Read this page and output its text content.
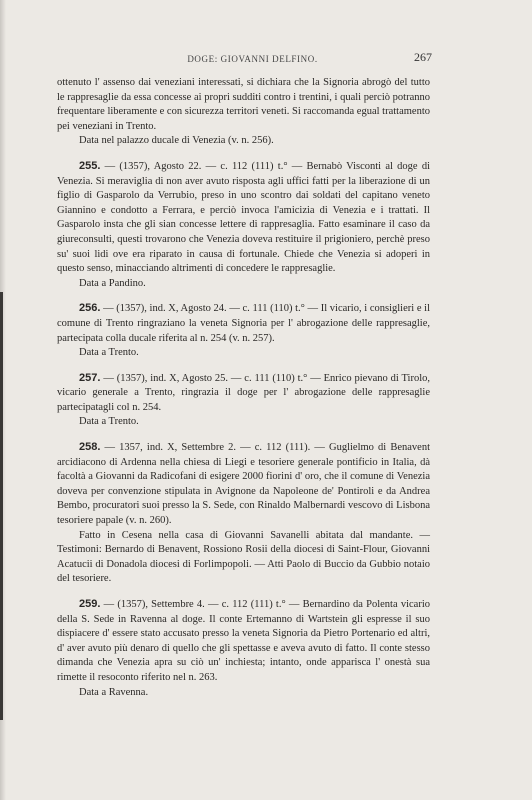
DOGE: GIOVANNI DELFINO.	267

ottenuto l' assenso dai veneziani interessati, si dichiara che la Signoria abrogò del tutto le rappresaglie da essa concesse ai propri sudditi contro i trentini, i quali perciò potranno frequentare liberamente e con sicurezza territori veneti. Si raccomanda egual trattamento pei veneziani in Trento.

Data nel palazzo ducale di Venezia (v. n. 256).

255. — (1357), Agosto 22. — c. 112 (111) t.° — Bernabò Visconti al doge di Venezia. Si meraviglia di non aver avuto risposta agli uffici fatti per la liberazione di un figlio di Gasparolo da Verrubio, preso in uno scontro dai soldati del capitano veneto Giannino e condotto a Ferrara, e perciò invoca l'amicizia di Venezia e i trattati. Il Gasparolo insta che gli sian concesse lettere di rappresaglia. Fatto esaminare il caso da giureconsulti, questi trovarono che Venezia doveva restituire il prigioniero, perchè preso su' suoi lidi ove era riparato in causa di fortunale. Chiede che Venezia si adoperi in questo senso, minacciando altrimenti di concedere le rappresaglie.

Data a Pandino.

256. — (1357), ind. X, Agosto 24. — c. 111 (110) t.° — Il vicario, i consiglieri e il comune di Trento ringraziano la veneta Signoria per l' abrogazione delle rappresaglie, partecipata colla ducale riferita al n. 254 (v. n. 257).

Data a Trento.

257. — (1357), ind. X, Agosto 25. — c. 111 (110) t.° — Enrico pievano di Tirolo, vicario generale a Trento, ringrazia il doge per l' abrogazione delle rappresaglie partecipatagli col n. 254.

Data a Trento.

258. — 1357, ind. X, Settembre 2. — c. 112 (111). — Guglielmo di Benavent arcidiacono di Ardenna nella chiesa di Liegi e tesoriere generale pontificio in Italia, dà facoltà a Giovanni da Radicofani di esigere 2000 fiorini d' oro, che il comune di Venezia doveva per convenzione stipulata in Avignone da Napoleone de' Pontiroli e da Andrea Bembo, procuratori suoi presso la S. Sede, con Rinaldo Malbernardi vescovo di Lisbona tesoriere papale (v. n. 260).

Fatto in Cesena nella casa di Giovanni Savanelli abitata dal mandante. — Testimoni: Bernardo di Benavent, Rossiono Rosii della diocesi di Saint-Flour, Giovanni Acatucii di Donadola diocesi di Forlimpopoli. — Atti Paolo di Buccio da Gubbio notaio del tesoriere.

259. — (1357), Settembre 4. — c. 112 (111) t.° — Bernardino da Polenta vicario della S. Sede in Ravenna al doge. Il conte Ertemanno di Wartstein gli espresse il suo dispiacere d' essere stato accusato presso la veneta Signoria da Pietro Portenario ed altri, d' aver avuto più denaro di quello che gli spettasse e aveva avuto di fatto. Il conte stesso dimanda che Venezia apra su ciò un' inchiesta; intanto, onde apparisca l' onestà sua rimette il resoconto riferito nel n. 263.

Data a Ravenna.
